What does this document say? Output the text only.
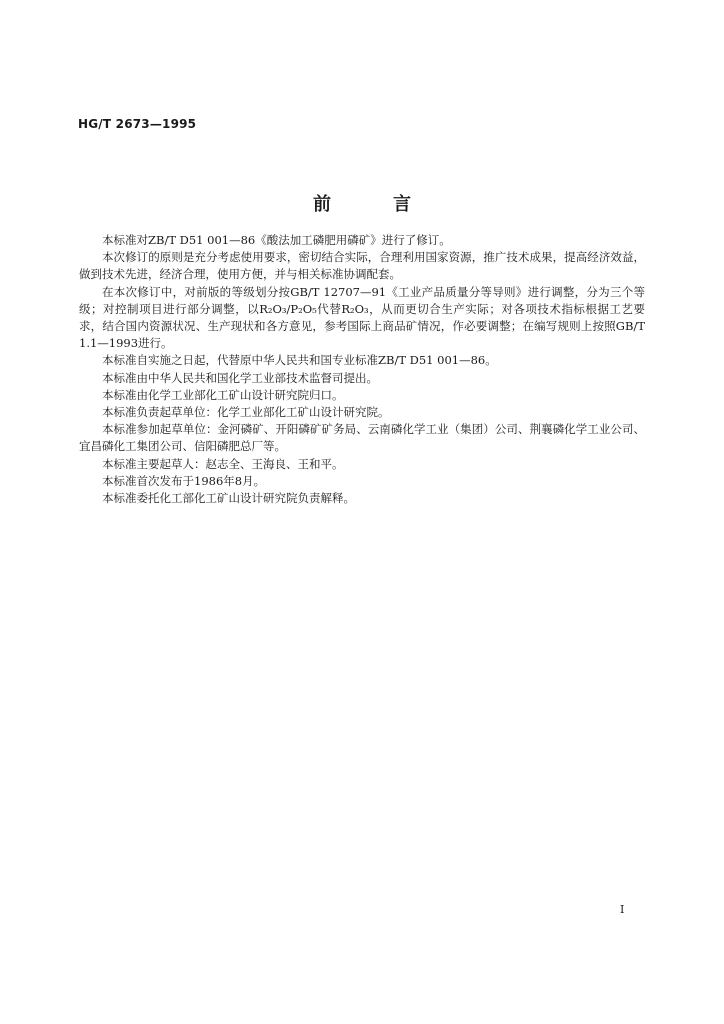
HG/T 2673—1995
前言

本标准对ZB/T D51 001—86《酸法加工磷肥用磷矿》进行了修订。

本次修订的原则是充分考虑使用要求，密切结合实际，合理利用国家资源，推广技术成果，提高经济效益，做到技术先进，经济合理，使用方便，并与相关标准协调配套。

在本次修订中，对前版的等级划分按GB/T 12707—91《工业产品质量分等导则》进行调整，分为三个等级；对控制项目进行部分调整，以R₂O₃/P₂O₅代替R₂O₃，从而更切合生产实际；对各项技术指标根据工艺要求，结合国内资源状况、生产现状和各方意见，参考国际上商品矿情况，作必要调整；在编写规则上按照GB/T 1.1—1993进行。

本标准自实施之日起，代替原中华人民共和国专业标准ZB/T D51 001—86。

本标准由中华人民共和国化学工业部技术监督司提出。

本标准由化学工业部化工矿山设计研究院归口。

本标准负责起草单位：化学工业部化工矿山设计研究院。

本标准参加起草单位：金河磷矿、开阳磷矿矿务局、云南磷化学工业（集团）公司、荆襄磷化学工业公司、宜昌磷化工集团公司、信阳磷肥总厂等。

本标准主要起草人：赵志全、王海良、王和平。

本标准首次发布于1986年8月。

本标准委托化工部化工矿山设计研究院负责解释。

I
